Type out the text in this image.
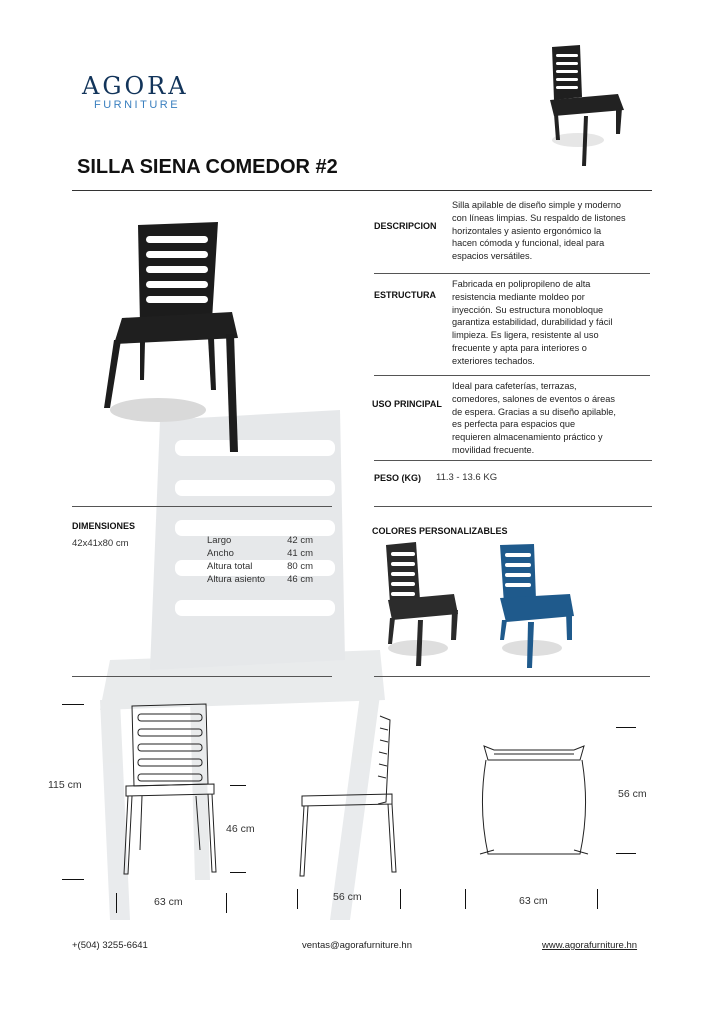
AGORA
FURNITURE
SILLA SIENA COMEDOR #2
DESCRIPCION
Silla apilable de diseño simple y moderno
con líneas limpias. Su respaldo de listones
horizontales y asiento ergonómico la
hacen cómoda y funcional, ideal para
espacios versátiles.
ESTRUCTURA
Fabricada en polipropileno de alta
resistencia mediante moldeo por
inyección. Su estructura monobloque
garantiza estabilidad, durabilidad y fácil
limpieza. Es ligera, resistente al uso
frecuente y apta para interiores o
exteriores techados.
USO PRINCIPAL
Ideal para cafeterías, terrazas,
comedores, salones de eventos o áreas
de espera. Gracias a su diseño apilable,
es perfecta para espacios que
requieren almacenamiento práctico y
movilidad frecuente.
PESO (KG) 11.3 - 13.6 KG
DIMENSIONES
42x41x80 cm	Largo	42 cm
Ancho	41 cm
Altura total	80 cm
Altura asiento 46 cm
COLORES PERSONALIZABLES
115 cm
46 cm
63 cm	56 cm
56 cm
63 cm
+(504) 3255-6641	ventas@agorafurniture.hn	www.agorafurniture.hn
